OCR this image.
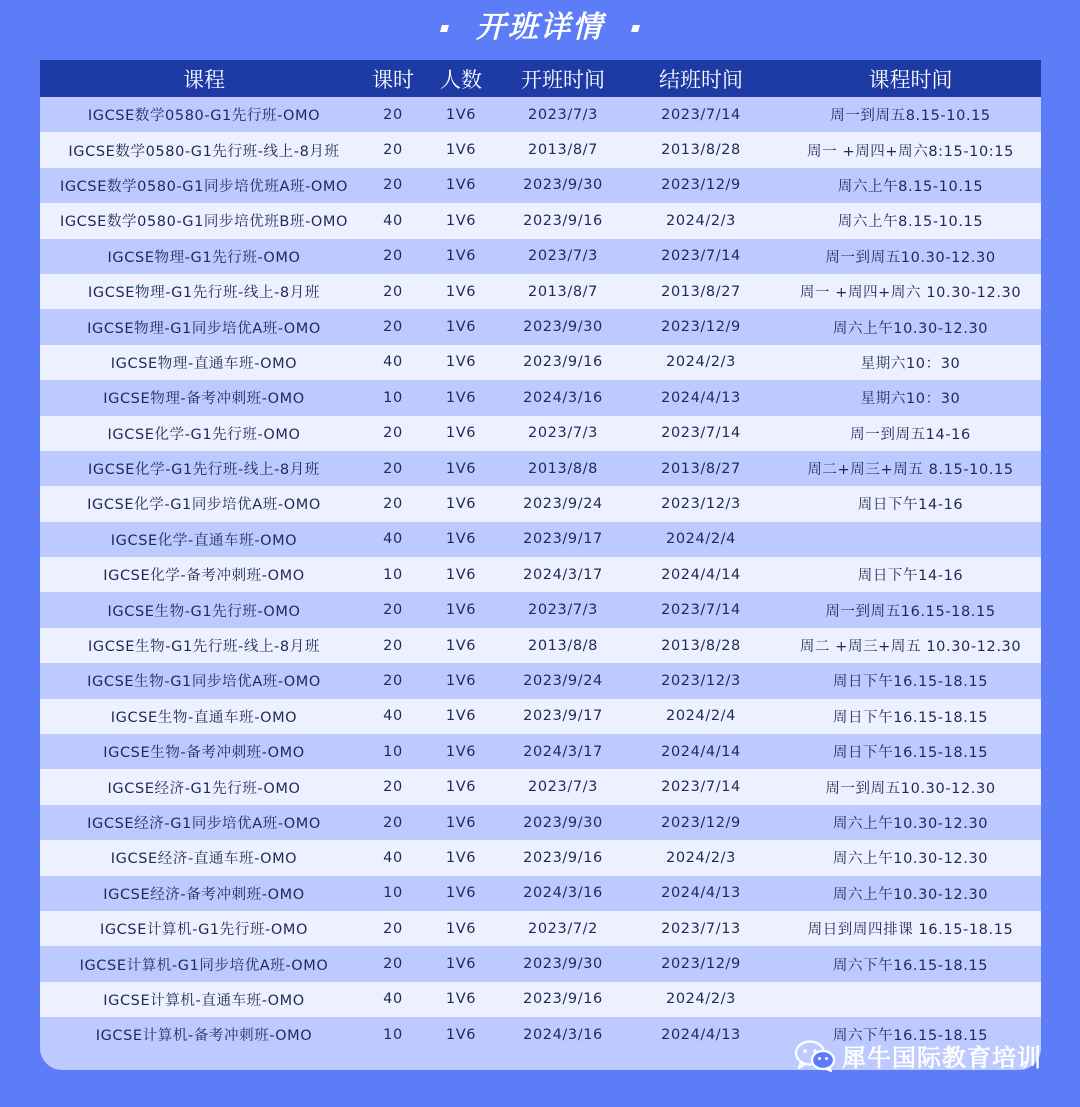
开班详情
课程	课时	人数	开班时间	结班时间	课程时间
IGCSE数学0580-G1先行班-OMO	20	1V6	2023/7/3	2023/7/14	周一到周五8.15-10.15
IGCSE数学0580-G1先行班-线上-8月班	20	1V6	2013/8/7	2013/8/28	周一 +周四+周六8:15-10:15
IGCSE数学0580-G1同步培优班A班-OMO	20	1V6	2023/9/30	2023/12/9	周六上午8.15-10.15
IGCSE数学0580-G1同步培优班B班-OMO	40	1V6	2023/9/16	2024/2/3	周六上午8.15-10.15
IGCSE物理-G1先行班-OMO	20	1V6	2023/7/3	2023/7/14	周一到周五10.30-12.30
IGCSE物理-G1先行班-线上-8月班	20	1V6	2013/8/7	2013/8/27	周一 +周四+周六 10.30-12.30
IGCSE物理-G1同步培优A班-OMO	20	1V6	2023/9/30	2023/12/9	周六上午10.30-12.30
IGCSE物理-直通车班-OMO	40	1V6	2023/9/16	2024/2/3	星期六10：30
IGCSE物理-备考冲刺班-OMO	10	1V6	2024/3/16	2024/4/13	星期六10：30
IGCSE化学-G1先行班-OMO	20	1V6	2023/7/3	2023/7/14	周一到周五14-16
IGCSE化学-G1先行班-线上-8月班	20	1V6	2013/8/8	2013/8/27	周二+周三+周五 8.15-10.15
IGCSE化学-G1同步培优A班-OMO	20	1V6	2023/9/24	2023/12/3	周日下午14-16
IGCSE化学-直通车班-OMO	40	1V6	2023/9/17	2024/2/4
IGCSE化学-备考冲刺班-OMO	10	1V6	2024/3/17	2024/4/14	周日下午14-16
IGCSE生物-G1先行班-OMO	20	1V6	2023/7/3	2023/7/14	周一到周五16.15-18.15
IGCSE生物-G1先行班-线上-8月班	20	1V6	2013/8/8	2013/8/28	周二 +周三+周五 10.30-12.30
IGCSE生物-G1同步培优A班-OMO	20	1V6	2023/9/24	2023/12/3	周日下午16.15-18.15
IGCSE生物-直通车班-OMO	40	1V6	2023/9/17	2024/2/4	周日下午16.15-18.15
IGCSE生物-备考冲刺班-OMO	10	1V6	2024/3/17	2024/4/14	周日下午16.15-18.15
IGCSE经济-G1先行班-OMO	20	1V6	2023/7/3	2023/7/14	周一到周五10.30-12.30
IGCSE经济-G1同步培优A班-OMO	20	1V6	2023/9/30	2023/12/9	周六上午10.30-12.30
IGCSE经济-直通车班-OMO	40	1V6	2023/9/16	2024/2/3	周六上午10.30-12.30
IGCSE经济-备考冲刺班-OMO	10	1V6	2024/3/16	2024/4/13	周六上午10.30-12.30
IGCSE计算机-G1先行班-OMO	20	1V6	2023/7/2	2023/7/13	周日到周四排课 16.15-18.15
IGCSE计算机-G1同步培优A班-OMO	20	1V6	2023/9/30	2023/12/9	周六下午16.15-18.15
IGCSE计算机-直通车班-OMO	40	1V6	2023/9/16	2024/2/3
IGCSE计算机-备考冲刺班-OMO	10	1V6	2024/3/16	2024/4/13	周六下午16.15-18.15
犀牛国际教育培训
